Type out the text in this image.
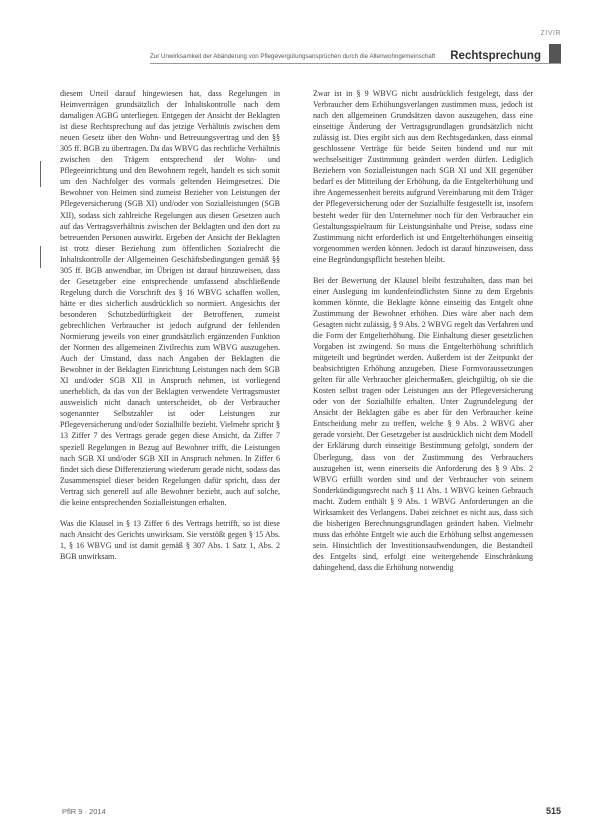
ZIVIR
Zur Unwirksamkeit der Abänderung von Pflegevergütungsansprüchen durch die Altenwohngemeinschaft Rechtsprechung

diesem Urteil darauf hingewiesen hat, dass Regelungen in Heimverträgen grundsätzlich der Inhaltskontrolle nach dem damaligen AGBG unterliegen. Entgegen der Ansicht der Beklagten ist diese Rechtsprechung auf das jetzige Verhältnis zwischen dem neuen Gesetz über den Wohn- und Betreuungsvertrag und den §§ 305 ff. BGB zu übertragen. Da das WBVG das rechtliche Verhältnis zwischen den Trägern entsprechend der Wohn- und Pflegeeinrichtung und den Bewohnern regelt, handelt es sich somit um den Nachfolger des vormals geltenden Heimgesetzes. Die Bewohner von Heimen sind zumeist Bezieher von Leistungen der Pflegeversicherung (SGB XI) und/oder von Sozialleistungen (SGB XII), sodass sich zahlreiche Regelungen aus diesen Gesetzen auch auf das Vertragsverhältnis zwischen der Beklagten und den dort zu betreuenden Personen auswirkt. Ergeben der Ansicht der Beklagten ist trotz dieser Beziehung zum öffentlichen Sozialrecht die Inhaltskontrolle der Allgemeinen Geschäftsbedingungen gemäß §§ 305 ff. BGB anwendbar, im Übrigen ist darauf hinzuweisen, dass der Gesetzgeber eine entsprechende umfassend abschließende Regelung durch die Vorschrift des § 16 WBVG schaffen wollen, hätte er dies sicherlich ausdrücklich so normiert. Angesichts der besonderen Schutzbedürftigkeit der Betroffenen, zumeist gebrechlichen Verbraucher ist jedoch aufgrund der fehlenden Normierung jeweils von einer grundsätzlich ergänzenden Funktion der Normen des allgemeinen Zivilrechts zum WBVG auszugehen. Auch der Umstand, dass nach Angaben der Beklagten die Bewohner in der Beklagten Einrichtung Leistungen nach dem SGB XI und/oder SGB XII in Anspruch nehmen, ist vorliegend unerheblich, da das von der Beklagten verwendete Vertragsmuster ausweislich nicht danach unterscheidet, ob der Verbraucher sogenannter Selbstzahler ist oder Leistungen zur Pflegeversicherung und/oder Sozialhilfe bezieht. Vielmehr spricht § 13 Ziffer 7 des Vertrags gerade gegen diese Ansicht, da Ziffer 7 speziell Regelungen in Bezug auf Bewohner trifft, die Leistungen nach SGB XI und/oder SGB XII in Anspruch nehmen. In Ziffer 6 findet sich diese Differenzierung wiederum gerade nicht, sodass das Zusammenspiel dieser beiden Regelungen dafür spricht, dass der Vertrag sich generell auf alle Bewohner bezieht, auch auf solche, die keine entsprechenden Sozialleistungen erhalten.

Was die Klausel in § 13 Ziffer 6 des Vertrags betrifft, so ist diese nach Ansicht des Gerichts unwirksam. Sie verstößt gegen § 15 Abs. 1, § 16 WBVG und ist damit gemäß § 307 Abs. 1 Satz 1, Abs. 2 BGB unwirksam.

Zwar ist in § 9 WBVG nicht ausdrücklich festgelegt, dass der Verbraucher dem Erhöhungsverlangen zustimmen muss, jedoch ist nach den allgemeinen Grundsätzen davon auszugehen, dass eine einseitige Änderung der Vertragsgrundlagen grundsätzlich nicht zulässig ist. Dies ergibt sich aus dem Rechtsgedanken, dass einmal geschlossene Verträge für beide Seiten bindend und nur mit wechselseitiger Zustimmung geändert werden dürfen. Lediglich Beziehern von Sozialleistungen nach SGB XI und XII gegenüber bedarf es der Mitteilung der Erhöhung, da die Entgelterhöhung und ihre Angemessenheit bereits aufgrund Vereinbarung mit dem Träger der Pflegeversicherung oder der Sozialhilfe festgestellt ist, insofern besteht weder für den Unternehmer noch für den Verbraucher ein Gestaltungsspielraum für Leistungsinhalte und Preise, sodass eine Zustimmung nicht erforderlich ist und Entgelterhöhungen einseitig vorgenommen werden können. Jedoch ist darauf hinzuweisen, dass eine Begründungspflicht bestehen bleibt.

Bei der Bewertung der Klausel bleibt festzuhalten, dass man bei einer Auslegung im kundenfeindlichsten Sinne zu dem Ergebnis kommen könnte, die Beklagte könne einseitig das Entgelt ohne Zustimmung der Bewohner erhöhen. Dies wäre aber nach dem Gesagten nicht zulässig, § 9 Abs. 2 WBVG regelt das Verfahren und die Form der Entgelterhöhung. Die Einhaltung dieser gesetzlichen Vorgaben ist zwingend. So muss die Entgelterhöhung schriftlich mitgeteilt und begründet werden. Außerdem ist der Zeitpunkt der beabsichtigten Erhöhung anzugeben. Diese Formvoraussetzungen gelten für alle Verbraucher gleichermaßen, gleichgültig, ob sie die Kosten selbst tragen oder Leistungen aus der Pflegeversicherung oder von der Sozialhilfe erhalten. Unter Zugrundelegung der Ansicht der Beklagten gäbe es aber für den Verbraucher keine Entscheidung mehr zu treffen, welche § 9 Abs. 2 WBVG aber gerade vorsieht. Der Gesetzgeber ist ausdrücklich nicht dem Modell der Erklärung durch einseitige Bestimmung gefolgt, sondern der Überlegung, dass von der Zustimmung des Verbrauchers auszugehen ist, wenn einerseits die Anforderung des § 9 Abs. 2 WBVG erfüllt worden sind und der Verbraucher von seinem Sonderkündigungsrecht nach § 11 Abs. 1 WBVG keinen Gebrauch macht. Zudem enthält § 9 Abs. 1 WBVG Anforderungen an die Wirksamkeit des Verlangens. Dabei zeichnet es nicht aus, dass sich die bisherigen Berechnungsgrundlagen geändert haben. Vielmehr muss das erhöhte Entgelt wie auch die Erhöhung selbst angemessen sein. Hinsichtlich der Investitionsaufwendungen, die Bestandteil des Entgelts sind, erfolgt eine weitergehende Einschränkung dahingehend, dass die Erhöhung notwendig

PflR 9 · 2014	515
